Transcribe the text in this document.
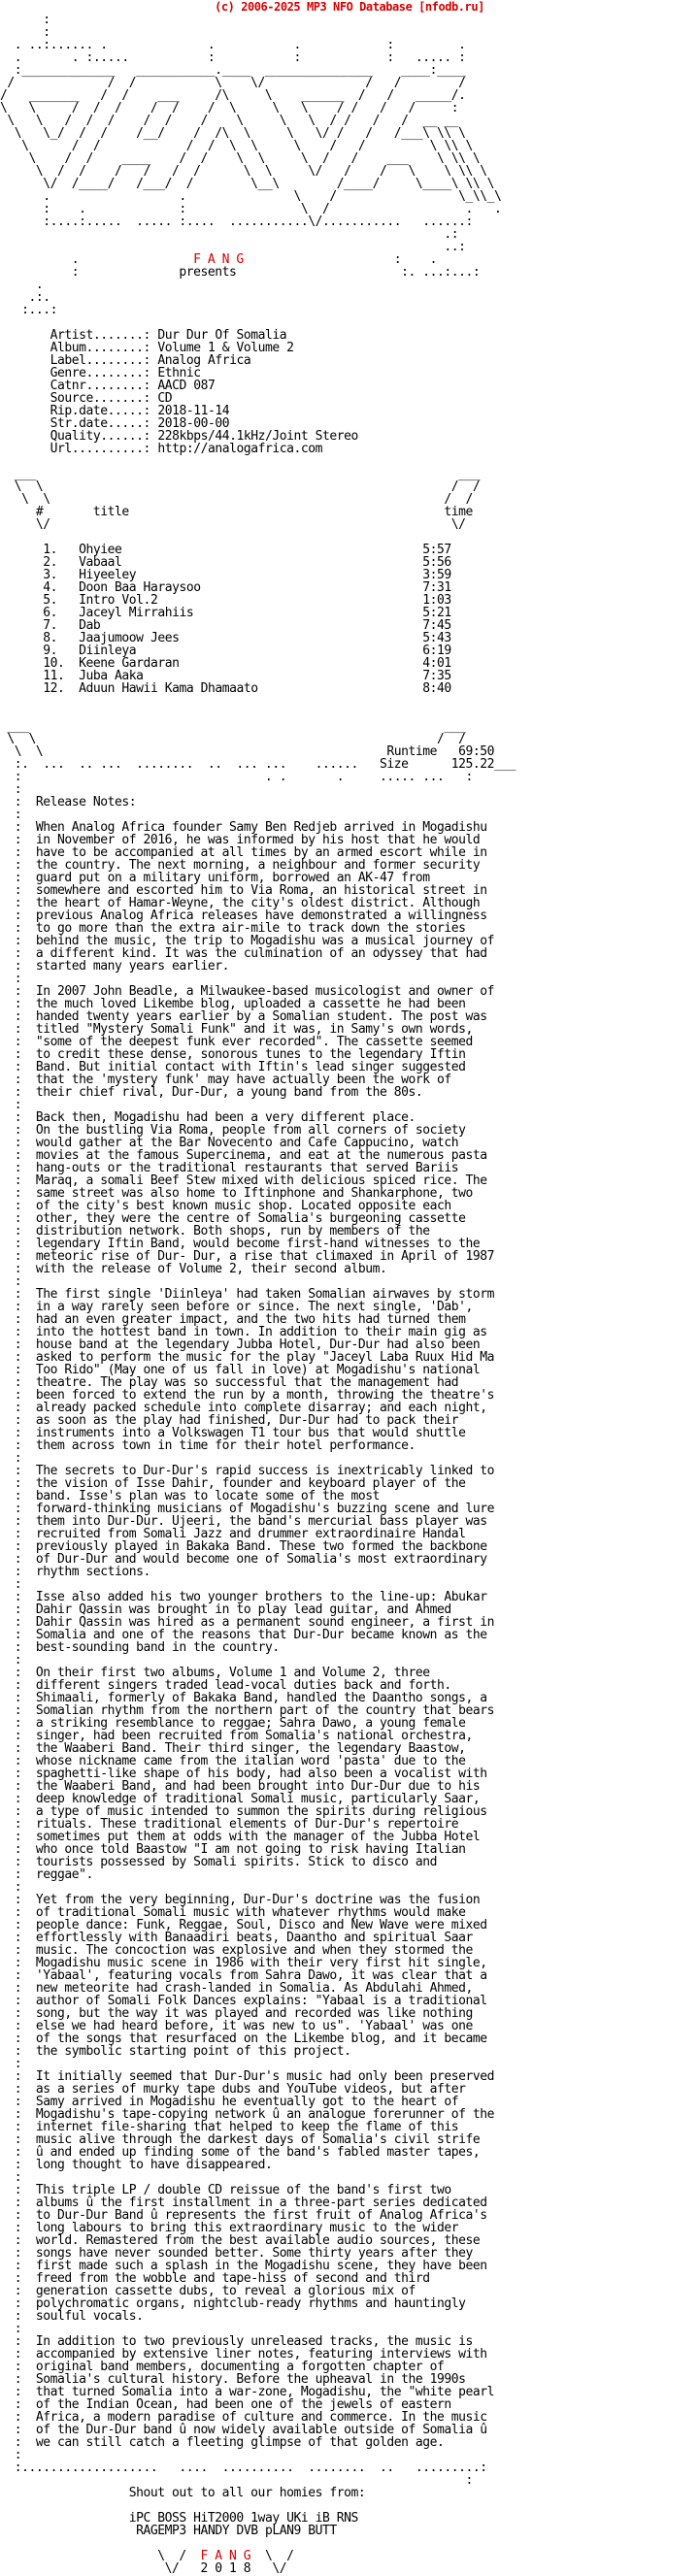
(c) 2006-2025 MP3 NFO Database [nfodb.ru]
:
:
. ..:...... .              .           .            :         .
.       . :.....           :           :            :   ..... :
:_____________   ___________.____  _______________    ____:____
/             /  /           \    \/              /   /        /
/   _______   /  /    ___     /\     \    ______  /   /   _____/.
\   \     /  /  /    /  /    /  \     \   \    / /   /   /     :
\   \   /  /  /    /  /    /    \     \   \  / /   /   /  __ __
\   \_/  /  /    /__/    /  /\  \     \   \/ /   /   /___\ \\ \
\      /  /            /  /  \  \     \    /   /         \ \\ \
\    /  /    ____    /  /    \  \     \  /   /    ___    \ \\ \
\  /  /    /   /   /  /      \  \     \/   /    /   \    \ \\ \
\/  /____/   /___/  /        \__\        /____/     \____\ \\ \
.                  .               \    /                 \_\\_\
:    .             :                \  /                   .   .
:....:.....  ..... :....  ...........\/...........   ......:
.:
..:

.                F A N G                     :    .
:              presents                       :. ...:...:
.
.:.
:...:

Artist.......: Dur Dur Of Somalia
Album........: Volume 1 & Volume 2
Label........: Analog Africa
Genre........: Ethnic
Catnr........: AACD 087
Source.......: CD
Rip.date.....: 2018-11-14
Str.date.....: 2018-00-00
Quality......: 228kbps/44.1kHz/Joint Stereo
Url..........: http://analogafrica.com

___                                                           ___
\  \                                                         /  /
\  \                                                       /  /
#	title	time
\/                                                        \/

1. Ohyiee	5:57
2. Vabaal	5:56
3. Hiyeeley	3:59
4. Doon Baa Haraysoo	7:31
5. Intro Vol.2	1:03
6. Jaceyl Mirrahiis	5:21
7. Dab	7:45
8. Jaajumoow Jees	5:43
9. Diinleya	6:19
10. Keene Gardaran	4:01
11. Juba Aaka	7:35
12. Aduun Hawii Kama Dhamaato	8:40

___                                                          ___
\  \                                                        /  /
\  \                                                Runtime 69:50
:.  ...  .. ...  ........  ..  ... ...    ......   Size	125.22___
:                                  . .       .     ..... ...   :
:
:  Release Notes:
:
:  When Analog Africa founder Samy Ben Redjeb arrived in Mogadishu
:  in November of 2016, he was informed by his host that he would
:  have to be accompanied at all times by an armed escort while in
:  the country. The next morning, a neighbour and former security
:  guard put on a military uniform, borrowed an AK-47 from
:  somewhere and escorted him to Via Roma, an historical street in
:  the heart of Hamar-Weyne, the city's oldest district. Although
:  previous Analog Africa releases have demonstrated a willingness
:  to go more than the extra air-mile to track down the stories
:  behind the music, the trip to Mogadishu was a musical journey of
:  a different kind. It was the culmination of an odyssey that had
:  started many years earlier.
:
:  In 2007 John Beadle, a Milwaukee-based musicologist and owner of
:  the much loved Likembe blog, uploaded a cassette he had been
:  handed twenty years earlier by a Somalian student. The post was
:  titled "Mystery Somali Funk" and it was, in Samy's own words,
:  "some of the deepest funk ever recorded". The cassette seemed
:  to credit these dense, sonorous tunes to the legendary Iftin
:  Band. But initial contact with Iftin's lead singer suggested
:  that the 'mystery funk' may have actually been the work of
:  their chief rival, Dur-Dur, a young band from the 80s.
:
:  Back then, Mogadishu had been a very different place.
:  On the bustling Via Roma, people from all corners of society
:  would gather at the Bar Novecento and Cafe Cappucino, watch
:  movies at the famous Supercinema, and eat at the numerous pasta
:  hang-outs or the traditional restaurants that served Bariis
:  Maraq, a somali Beef Stew mixed with delicious spiced rice. The
:  same street was also home to Iftinphone and Shankarphone, two
:  of the city's best known music shop. Located opposite each
:  other, they were the centre of Somalia's burgeoning cassette
:  distribution network. Both shops, run by members of the
:  legendary Iftin Band, would become first-hand witnesses to the
:  meteoric rise of Dur- Dur, a rise that climaxed in April of 1987
:  with the release of Volume 2, their second album.
:
:  The first single 'Diinleya' had taken Somalian airwaves by storm
:  in a way rarely seen before or since. The next single, 'Dab',
:  had an even greater impact, and the two hits had turned them
:  into the hottest band in town. In addition to their main gig as
:  house band at the legendary Jubba Hotel, Dur-Dur had also been
:  asked to perform the music for the play "Jaceyl Laba Ruux Hid Ma
:  Too Rido" (May one of us fall in love) at Mogadishu's national
:  theatre. The play was so successful that the management had
:  been forced to extend the run by a month, throwing the theatre's
:  already packed schedule into complete disarray; and each night,
:  as soon as the play had finished, Dur-Dur had to pack their
:  instruments into a Volkswagen T1 tour bus that would shuttle
:  them across town in time for their hotel performance.
:
:  The secrets to Dur-Dur's rapid success is inextricably linked to
:  the vision of Isse Dahir, founder and keyboard player of the
:  band. Isse's plan was to locate some of the most
:  forward-thinking musicians of Mogadishu's buzzing scene and lure
:  them into Dur-Dur. Ujeeri, the band's mercurial bass player was
:  recruited from Somali Jazz and drummer extraordinaire Handal
:  previously played in Bakaka Band. These two formed the backbone
:  of Dur-Dur and would become one of Somalia's most extraordinary
:  rhythm sections.
:
:  Isse also added his two younger brothers to the line-up: Abukar
:  Dahir Qassin was brought in to play lead guitar, and Ahmed
:  Dahir Qassin was hired as a permanent sound engineer, a first in
:  Somalia and one of the reasons that Dur-Dur became known as the
:  best-sounding band in the country.
:
:  On their first two albums, Volume 1 and Volume 2, three
:  different singers traded lead-vocal duties back and forth.
:  Shimaali, formerly of Bakaka Band, handled the Daantho songs, a
:  Somalian rhythm from the northern part of the country that bears
:  a striking resemblance to reggae; Sahra Dawo, a young female
:  singer, had been recruited from Somalia's national orchestra,
:  the Waaberi Band. Their third singer, the legendary Baastow,
:  whose nickname came from the italian word 'pasta' due to the
:  spaghetti-like shape of his body, had also been a vocalist with
:  the Waaberi Band, and had been brought into Dur-Dur due to his
:  deep knowledge of traditional Somali music, particularly Saar,
:  a type of music intended to summon the spirits during religious
:  rituals. These traditional elements of Dur-Dur's repertoire
:  sometimes put them at odds with the manager of the Jubba Hotel
:  who once told Baastow "I am not going to risk having Italian
:  tourists possessed by Somali spirits. Stick to disco and
:  reggae".
:
:  Yet from the very beginning, Dur-Dur's doctrine was the fusion
:  of traditional Somali music with whatever rhythms would make
:  people dance: Funk, Reggae, Soul, Disco and New Wave were mixed
:  effortlessly with Banaadiri beats, Daantho and spiritual Saar
:  music. The concoction was explosive and when they stormed the
:  Mogadishu music scene in 1986 with their very first hit single,
:  'Yabaal', featuring vocals from Sahra Dawo, it was clear that a
:  new meteorite had crash-landed in Somalia. As Abdulahi Ahmed,
:  author of Somali Folk Dances explains: "Yabaal is a traditional
:  song, but the way it was played and recorded was like nothing
:  else we had heard before, it was new to us". 'Yabaal' was one
:  of the songs that resurfaced on the Likembe blog, and it became
:  the symbolic starting point of this project.
:
:  It initially seemed that Dur-Dur's music had only been preserved
:  as a series of murky tape dubs and YouTube videos, but after
:  Samy arrived in Mogadishu he eventually got to the heart of
:  Mogadishu's tape-copying network û an analogue forerunner of the
:  internet file-sharing that helped to keep the flame of this
:  music alive through the darkest days of Somalia's civil strife
:  û and ended up finding some of the band's fabled master tapes,
:  long thought to have disappeared.
:
:  This triple LP / double CD reissue of the band's first two
:  albums û the first installment in a three-part series dedicated
:  to Dur-Dur Band û represents the first fruit of Analog Africa's
:  long labours to bring this extraordinary music to the wider
:  world. Remastered from the best available audio sources, these
:  songs have never sounded better. Some thirty years after they
:  first made such a splash in the Mogadishu scene, they have been
:  freed from the wobble and tape-hiss of second and third
:  generation cassette dubs, to reveal a glorious mix of
:  polychromatic organs, nightclub-ready rhythms and hauntingly
:  soulful vocals.
:
:  In addition to two previously unreleased tracks, the music is
:  accompanied by extensive liner notes, featuring interviews with
:  original band members, documenting a forgotten chapter of
:  Somalia's cultural history. Before the upheaval in the 1990s
:  that turned Somalia into a war-zone, Mogadishu, the "white pearl
:  of the Indian Ocean, had been one of the jewels of eastern
:  Africa, a modern paradise of culture and commerce. In the music
:  of the Dur-Dur band û now widely available outside of Somalia û
:  we can still catch a fleeting glimpse of that golden age.
:
:...................   ....  ..........  ........  ..   .........:
:

Shout out to all our homies from:

iPC BOSS HiT2000 1way UKi iB RNS
RAGEMP3 HANDY DVB pLAN9 BUTT

\  /  F A N G  \  /
\/   2 0 1 8   \/
